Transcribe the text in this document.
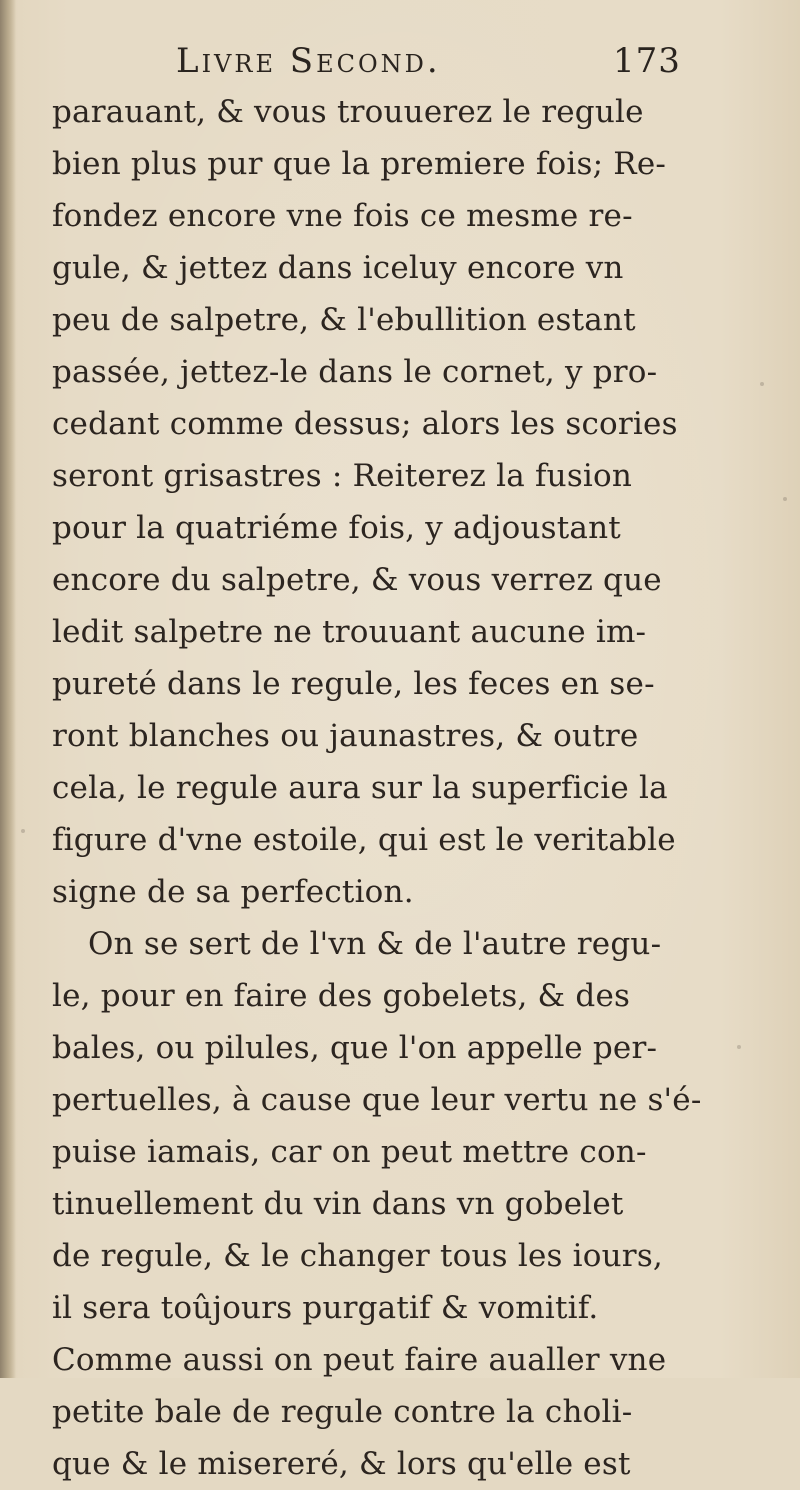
Livre Second.	173
parauant, & vous trouuerez le regule
bien plus pur que la premiere fois; Re-
fondez encore vne fois ce mesme re-
gule, & jettez dans iceluy encore vn
peu de salpetre, & l'ebullition estant
passée, jettez-le dans le cornet, y pro-
cedant comme dessus; alors les scories
seront grisastres : Reiterez la fusion
pour la quatriéme fois, y adjoustant
encore du salpetre, & vous verrez que
ledit salpetre ne trouuant aucune im-
pureté dans le regule, les feces en se-
ront blanches ou jaunastres, & outre
cela, le regule aura sur la superficie la
figure d'vne estoile, qui est le veritable
signe de sa perfection.
On se sert de l'vn & de l'autre regu-
le, pour en faire des gobelets, & des
bales, ou pilules, que l'on appelle per-
pertuelles, à cause que leur vertu ne s'é-
puise iamais, car on peut mettre con-
tinuellement du vin dans vn gobelet
de regule, & le changer tous les iours,
il sera toûjours purgatif & vomitif.
Comme aussi on peut faire aualler vne
petite bale de regule contre la choli-
que & le misereré, & lors qu'elle est
